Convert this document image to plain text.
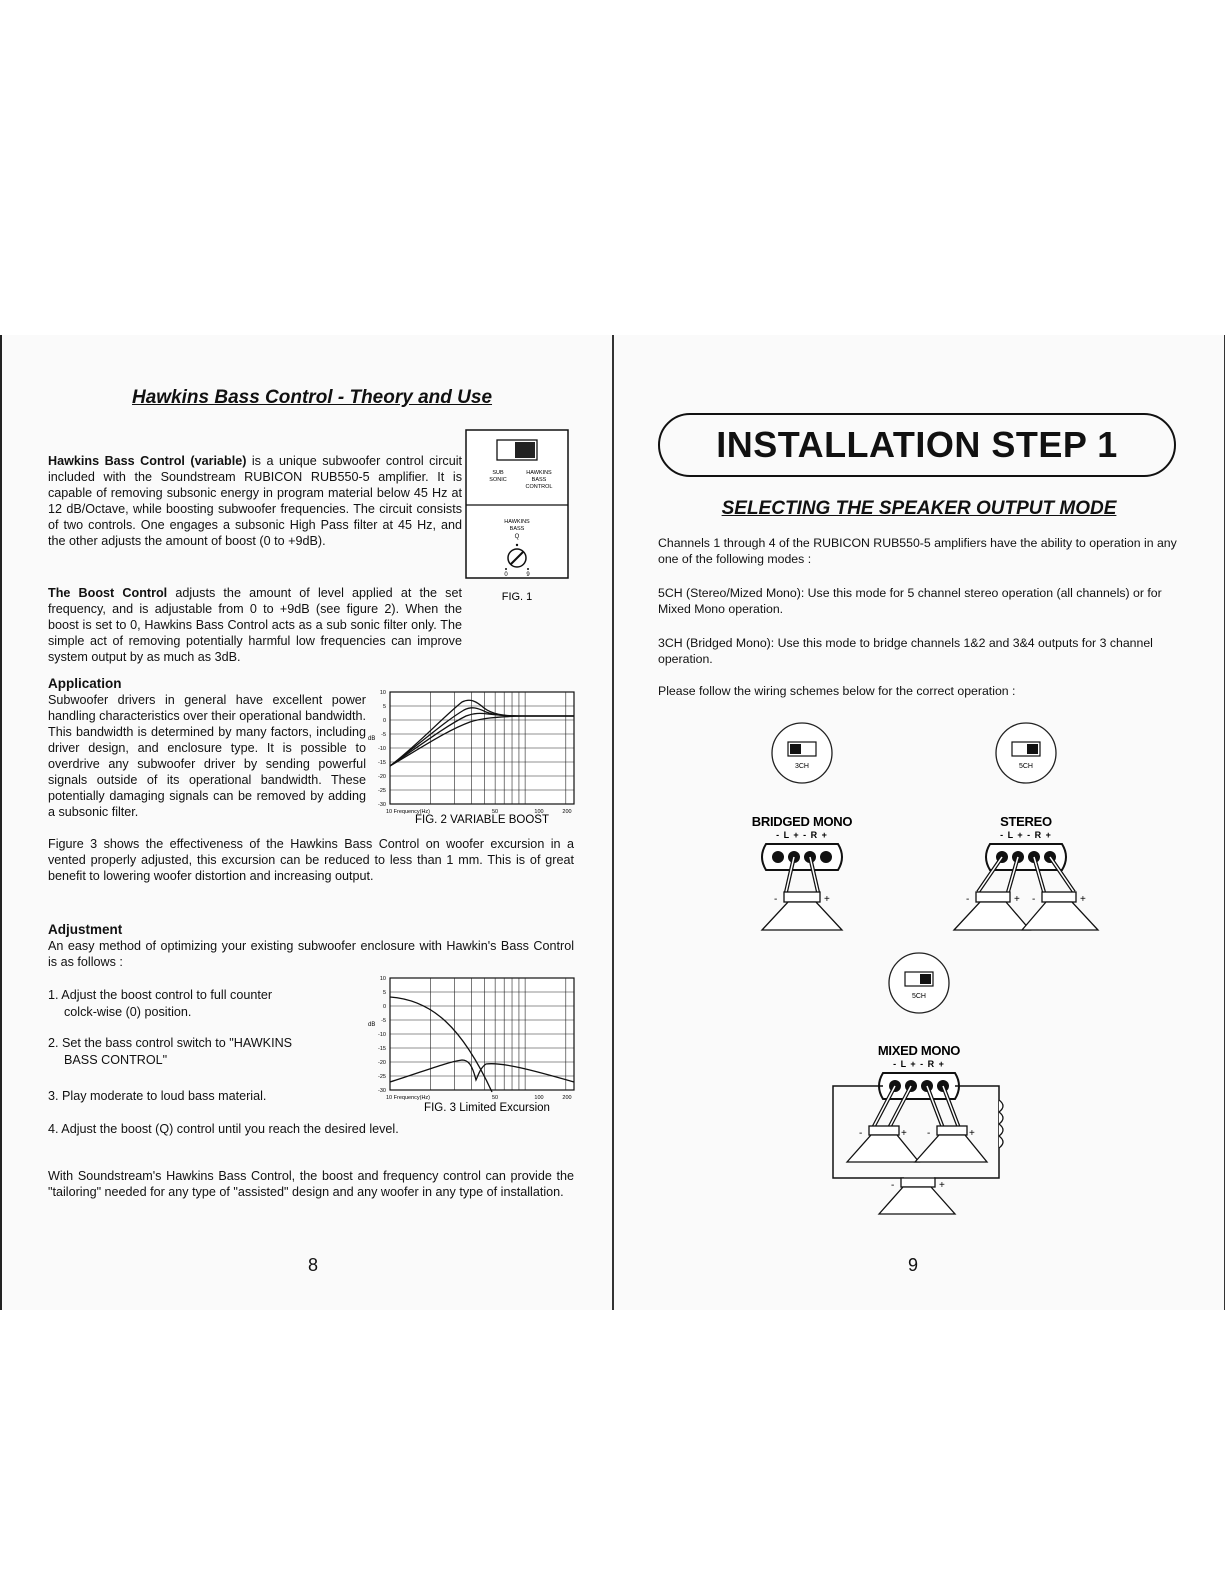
Hawkins Bass Control - Theory and Use

Hawkins Bass Control (variable) is a unique subwoofer control circuit included with the Soundstream RUBICON RUB550-5 amplifier. It is capable of removing subsonic energy in program material below 45 Hz at 12 dB/Octave, while boosting subwoofer frequencies. The circuit consists of two controls. One engages a subsonic High Pass filter at 45 Hz, and the other adjusts the amount of boost (0 to +9dB).

The Boost Control adjusts the amount of level applied at the set frequency, and is adjustable from 0 to +9dB (see figure 2). When the boost is set to 0, Hawkins Bass Control acts as a sub sonic filter only. The simple act of removing potentially harmful low frequencies can improve system output by as much as 3dB.

SUB
SONIC
HAWKINS
BASS
CONTROL
HAWKINS
BASS
Q
0	9
FIG. 1
Application

Subwoofer drivers in general have excellent power handling characteristics over their operational bandwidth. This bandwidth is determined by many factors, including driver design, and enclosure type. It is possible to overdrive any subwoofer driver by sending powerful signals outside of its operational bandwidth. These potentially damaging signals can be removed by adding a subsonic filter.

10
5
0
-5
-10
-15
-20
-25
-30
dB
10 Frequency(Hz)	50	100	200
FIG. 2 VARIABLE BOOST

Figure 3 shows the effectiveness of the Hawkins Bass Control on woofer excursion in a vented properly adjusted, this excursion can be reduced to less than 1 mm. This is of great benefit to lowering woofer distortion and increasing output.

Adjustment

An easy method of optimizing your existing subwoofer enclosure with Hawkin's Bass Control is as follows :

1. Adjust the boost control to full counter
colck-wise (0) position.
2. Set the bass control switch to "HAWKINS
BASS CONTROL"
3. Play moderate to loud bass material.
4. Adjust the boost (Q) control until you reach the desired level.
10
5
0
-5
-10
-15
-20
-25
-30
dB
10 Frequency(Hz)	50	100	200
FIG. 3 Limited Excursion

With Soundstream's Hawkins Bass Control, the boost and frequency control can provide the "tailoring" needed for any type of "assisted" design and any woofer in any type of installation.

8
INSTALLATION STEP 1
SELECTING THE SPEAKER OUTPUT MODE

Channels 1 through 4 of the RUBICON RUB550-5 amplifiers have the ability to operation in any one of the following modes :

5CH (Stereo/Mized Mono): Use this mode for 5 channel stereo operation (all channels) or for Mixed Mono operation.

3CH (Bridged Mono): Use this mode to bridge channels 1&2 and 3&4 outputs for 3 channel operation.

Please follow the wiring schemes below for the correct operation :

3CH
BRIDGED MONO
- L + - R +
-	+
5CH
STEREO
- L + - R +
-	+ -	+
5CH
MIXED MONO
- L + - R +
-	+ -	+
-	+
9
